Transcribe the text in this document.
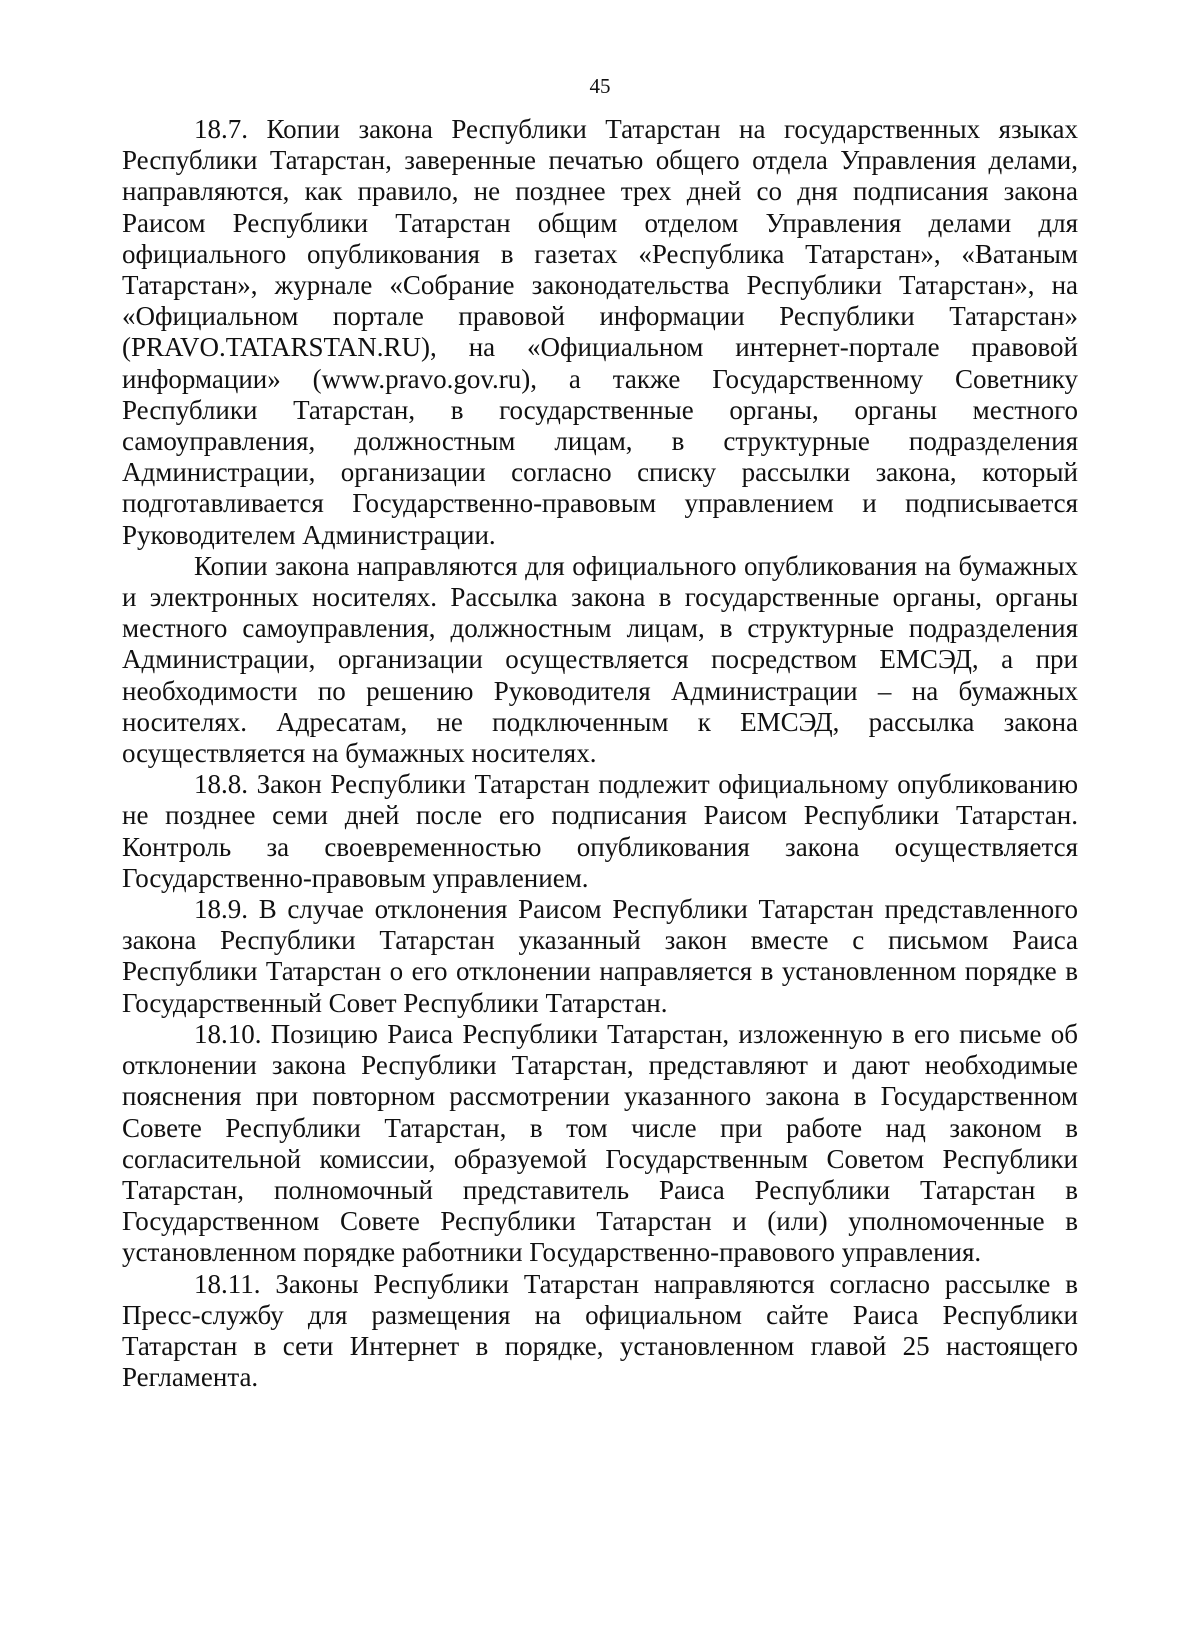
45

18.7. Копии закона Республики Татарстан на государственных языках Республики Татарстан, заверенные печатью общего отдела Управления делами, направляются, как правило, не позднее трех дней со дня подписания закона Раисом Республики Татарстан общим отделом Управления делами для официального опубликования в газетах «Республика Татарстан», «Ватаным Татарстан», журнале «Собрание законодательства Республики Татарстан», на «Официальном портале правовой информации Республики Татарстан» (PRAVO.TATARSTAN.RU), на «Официальном интернет-портале правовой информации» (www.pravo.gov.ru), а также Государственному Советнику Республики Татарстан, в государственные органы, органы местного самоуправления, должностным лицам, в структурные подразделения Администрации, организации согласно списку рассылки закона, который подготавливается Государственно-правовым управлением и подписывается Руководителем Администрации.

Копии закона направляются для официального опубликования на бумажных и электронных носителях. Рассылка закона в государственные органы, органы местного самоуправления, должностным лицам, в структурные подразделения Администрации, организации осуществляется посредством ЕМСЭД, а при необходимости по решению Руководителя Администрации – на бумажных носителях. Адресатам, не подключенным к ЕМСЭД, рассылка закона осуществляется на бумажных носителях.

18.8. Закон Республики Татарстан подлежит официальному опубликованию не позднее семи дней после его подписания Раисом Республики Татарстан. Контроль за своевременностью опубликования закона осуществляется Государственно-правовым управлением.

18.9. В случае отклонения Раисом Республики Татарстан представленного закона Республики Татарстан указанный закон вместе с письмом Раиса Республики Татарстан о его отклонении направляется в установленном порядке в Государственный Совет Республики Татарстан.

18.10. Позицию Раиса Республики Татарстан, изложенную в его письме об отклонении закона Республики Татарстан, представляют и дают необходимые пояснения при повторном рассмотрении указанного закона в Государственном Совете Республики Татарстан, в том числе при работе над законом в согласительной комиссии, образуемой Государственным Советом Республики Татарстан, полномочный представитель Раиса Республики Татарстан в Государственном Совете Республики Татарстан и (или) уполномоченные в установленном порядке работники Государственно-правового управления.

18.11. Законы Республики Татарстан направляются согласно рассылке в Пресс-службу для размещения на официальном сайте Раиса Республики Татарстан в сети Интернет в порядке, установленном главой 25 настоящего Регламента.
